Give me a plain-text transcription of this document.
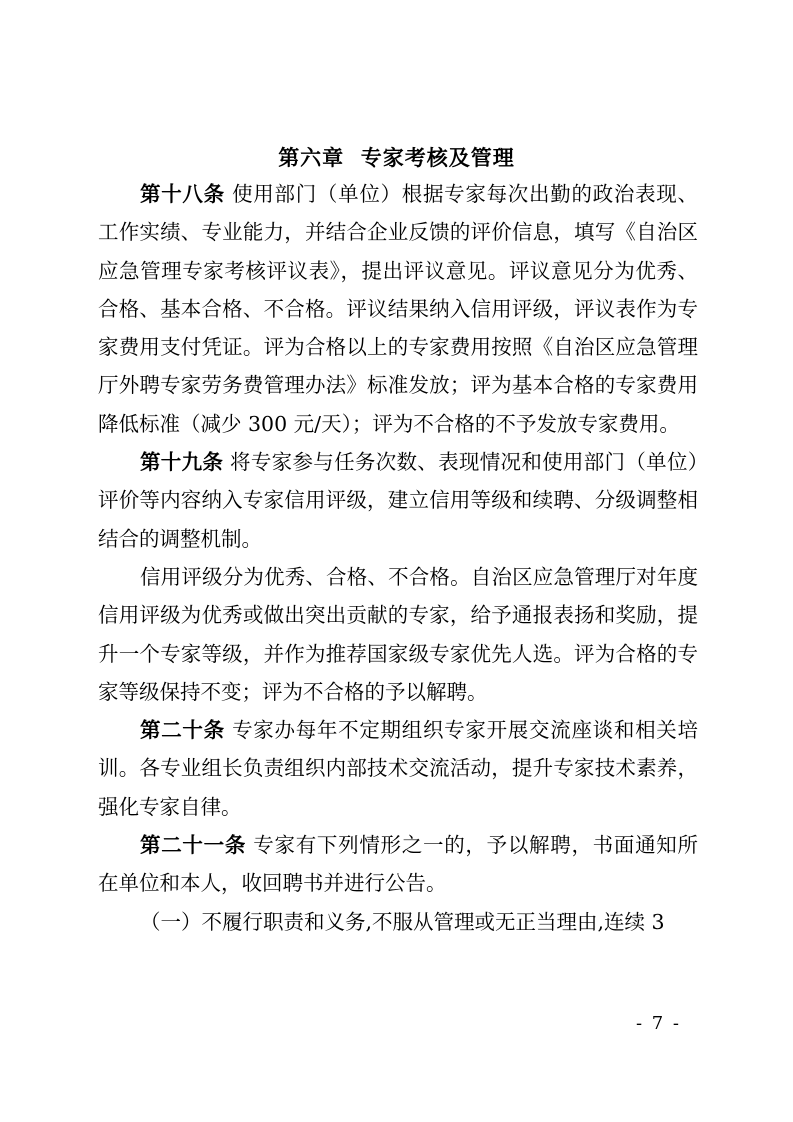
第六章  专家考核及管理

第十八条 使用部门（单位）根据专家每次出勤的政治表现、工作实绩、专业能力，并结合企业反馈的评价信息，填写《自治区应急管理专家考核评议表》，提出评议意见。评议意见分为优秀、合格、基本合格、不合格。评议结果纳入信用评级，评议表作为专家费用支付凭证。评为合格以上的专家费用按照《自治区应急管理厅外聘专家劳务费管理办法》标准发放；评为基本合格的专家费用降低标准（减少 300 元/天）；评为不合格的不予发放专家费用。

第十九条 将专家参与任务次数、表现情况和使用部门（单位）评价等内容纳入专家信用评级，建立信用等级和续聘、分级调整相结合的调整机制。

信用评级分为优秀、合格、不合格。自治区应急管理厅对年度信用评级为优秀或做出突出贡献的专家，给予通报表扬和奖励，提升一个专家等级，并作为推荐国家级专家优先人选。评为合格的专家等级保持不变；评为不合格的予以解聘。

第二十条 专家办每年不定期组织专家开展交流座谈和相关培训。各专业组长负责组织内部技术交流活动，提升专家技术素养，强化专家自律。

第二十一条 专家有下列情形之一的，予以解聘，书面通知所在单位和本人，收回聘书并进行公告。

（一）不履行职责和义务,不服从管理或无正当理由,连续 3

- 7 -
